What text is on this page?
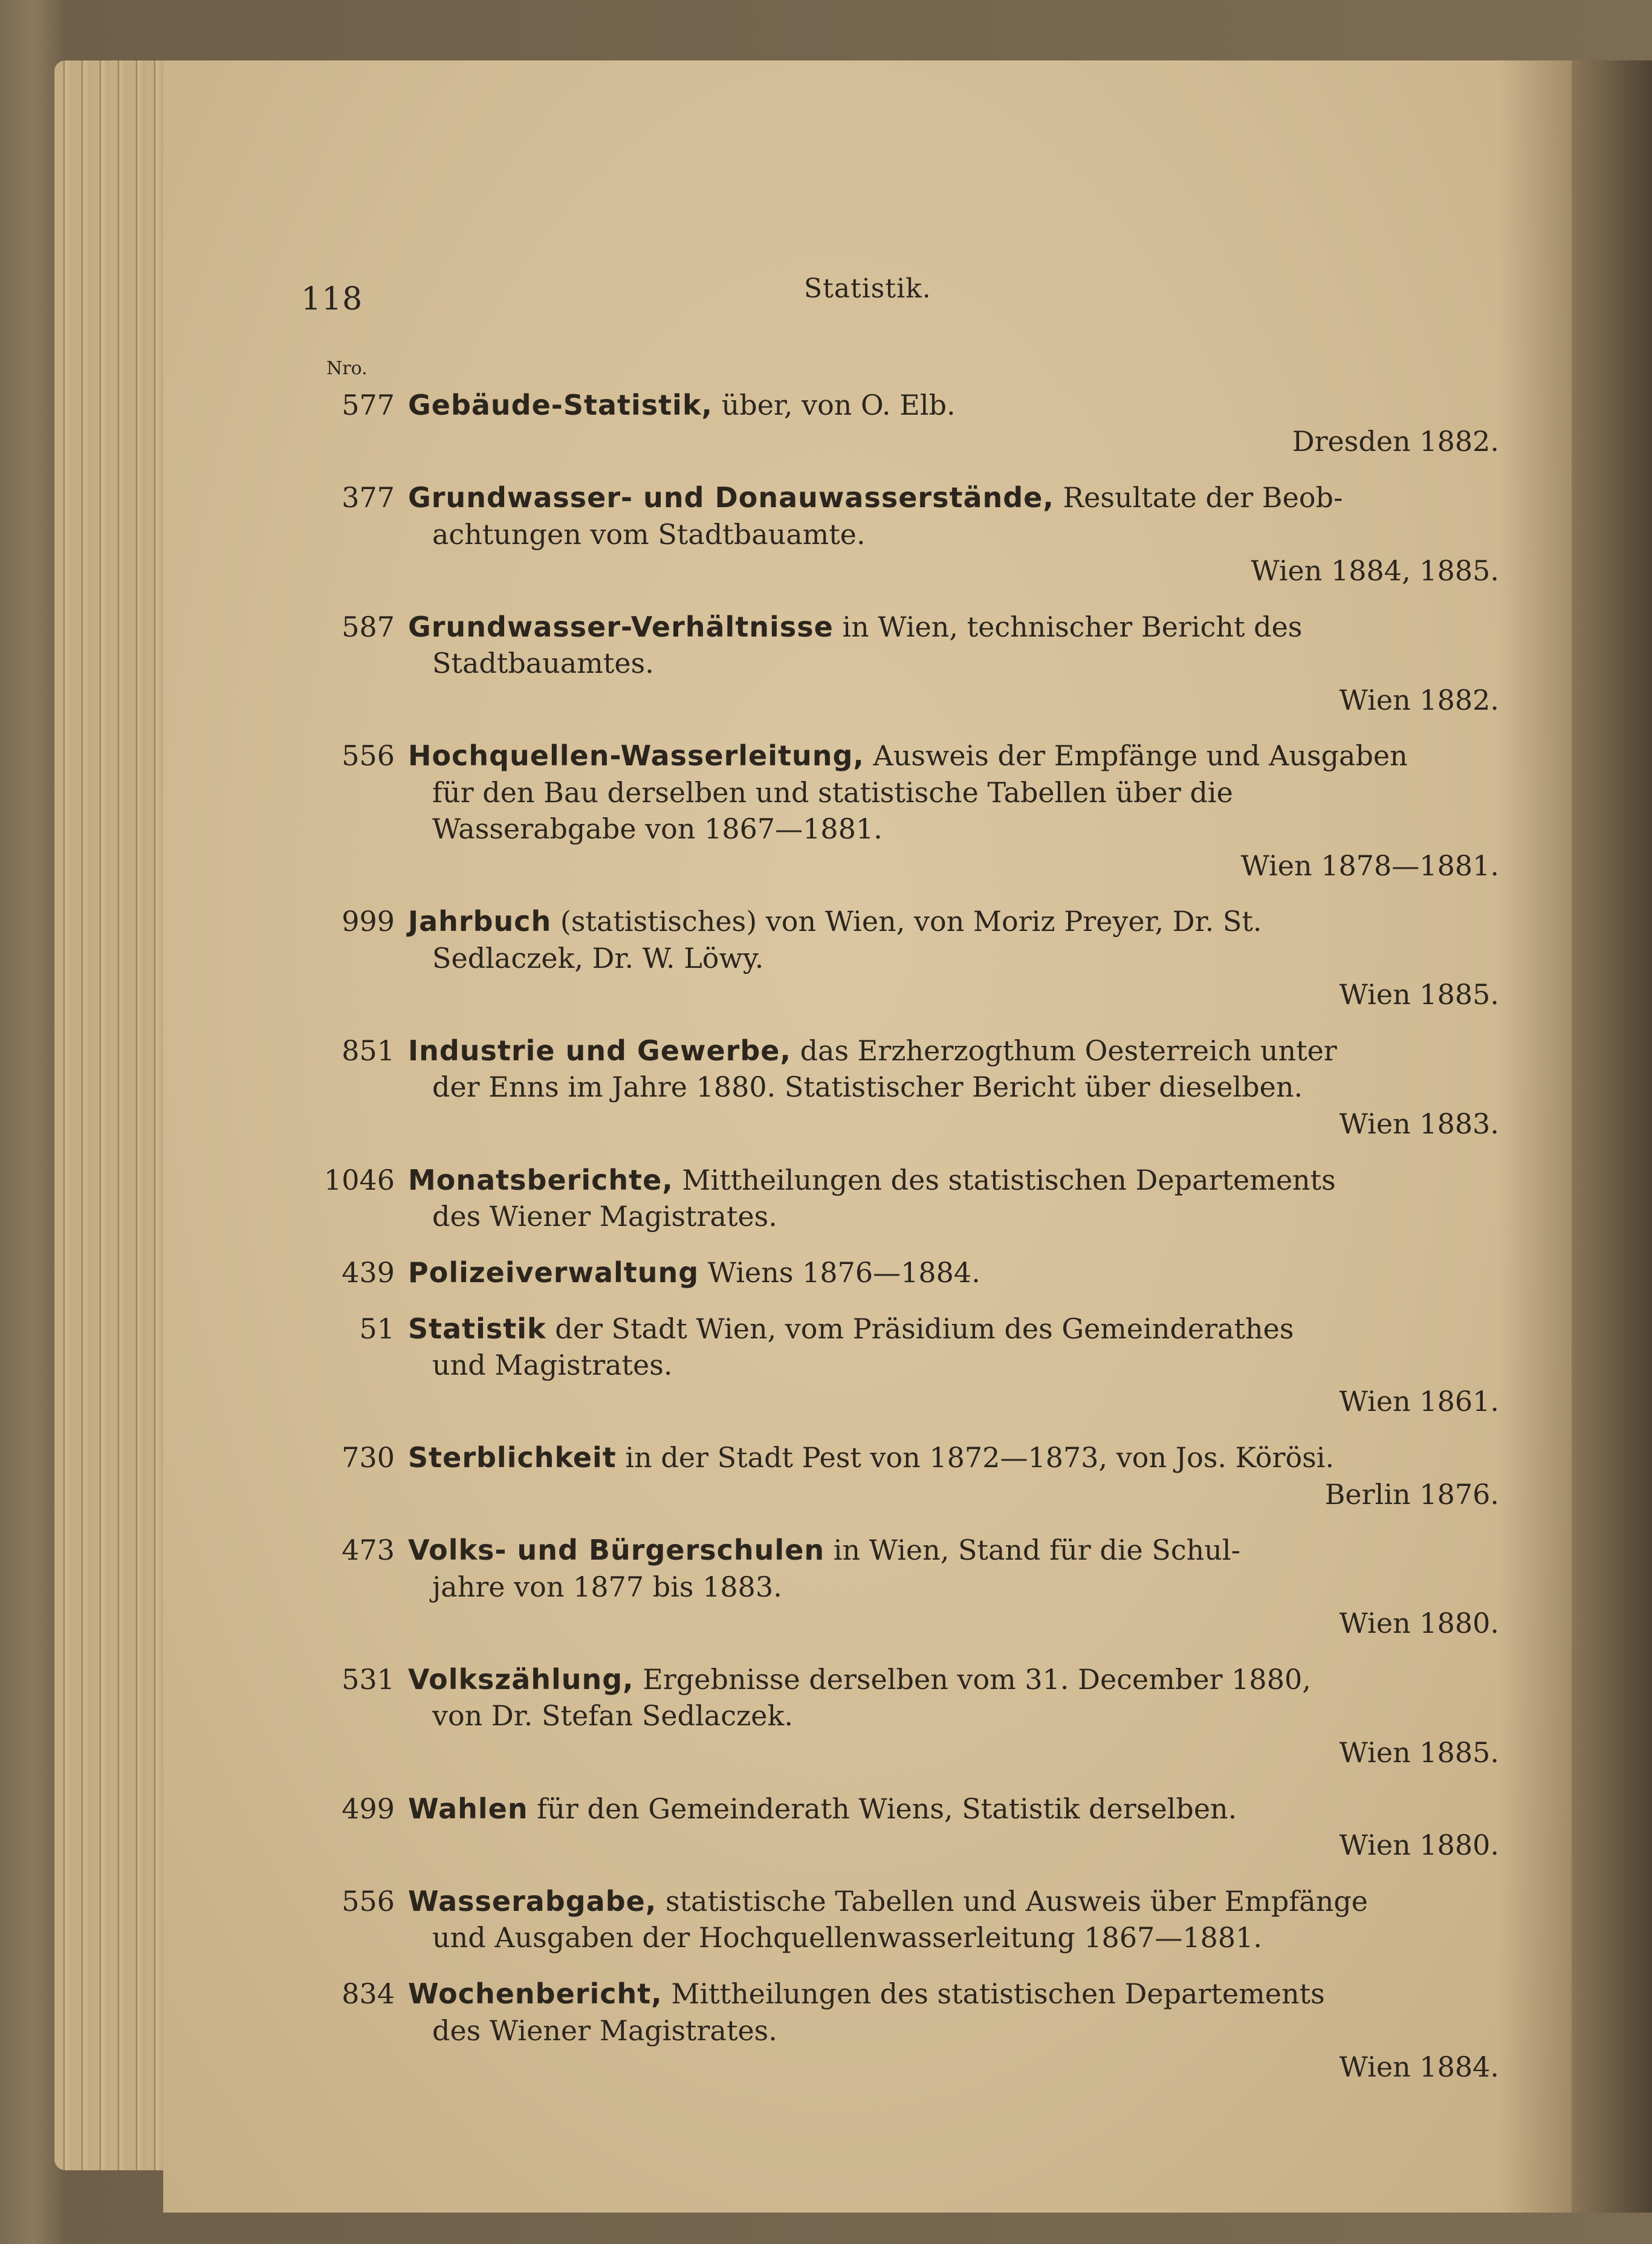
118	Statistik.
Nro.
577 Gebäude-Statistik, über, von O. Elb.
Dresden 1882.
377 Grundwasser- und Donauwasserstände, Resultate der Beob-
achtungen vom Stadtbauamte.
Wien 1884, 1885.
587 Grundwasser-Verhältnisse in Wien, technischer Bericht des
Stadtbauamtes.
Wien 1882.
556 Hochquellen-Wasserleitung, Ausweis der Empfänge und Ausgaben
für den Bau derselben und statistische Tabellen über die
Wasserabgabe von 1867—1881.
Wien 1878—1881.
999 Jahrbuch (statistisches) von Wien, von Moriz Preyer, Dr. St.
Sedlaczek, Dr. W. Löwy.
Wien 1885.
851 Industrie und Gewerbe, das Erzherzogthum Oesterreich unter
der Enns im Jahre 1880. Statistischer Bericht über dieselben.
Wien 1883.
1046 Monatsberichte, Mittheilungen des statistischen Departements
des Wiener Magistrates.
439 Polizeiverwaltung Wiens 1876—1884.
51 Statistik der Stadt Wien, vom Präsidium des Gemeinderathes
und Magistrates.
Wien 1861.
730 Sterblichkeit in der Stadt Pest von 1872—1873, von Jos. Körösi.
Berlin 1876.
473 Volks- und Bürgerschulen in Wien, Stand für die Schul-
jahre von 1877 bis 1883.
Wien 1880.
531 Volkszählung, Ergebnisse derselben vom 31. December 1880,
von Dr. Stefan Sedlaczek.
Wien 1885.
499 Wahlen für den Gemeinderath Wiens, Statistik derselben.
Wien 1880.
556 Wasserabgabe, statistische Tabellen und Ausweis über Empfänge
und Ausgaben der Hochquellenwasserleitung 1867—1881.
834 Wochenbericht, Mittheilungen des statistischen Departements
des Wiener Magistrates.
Wien 1884.
